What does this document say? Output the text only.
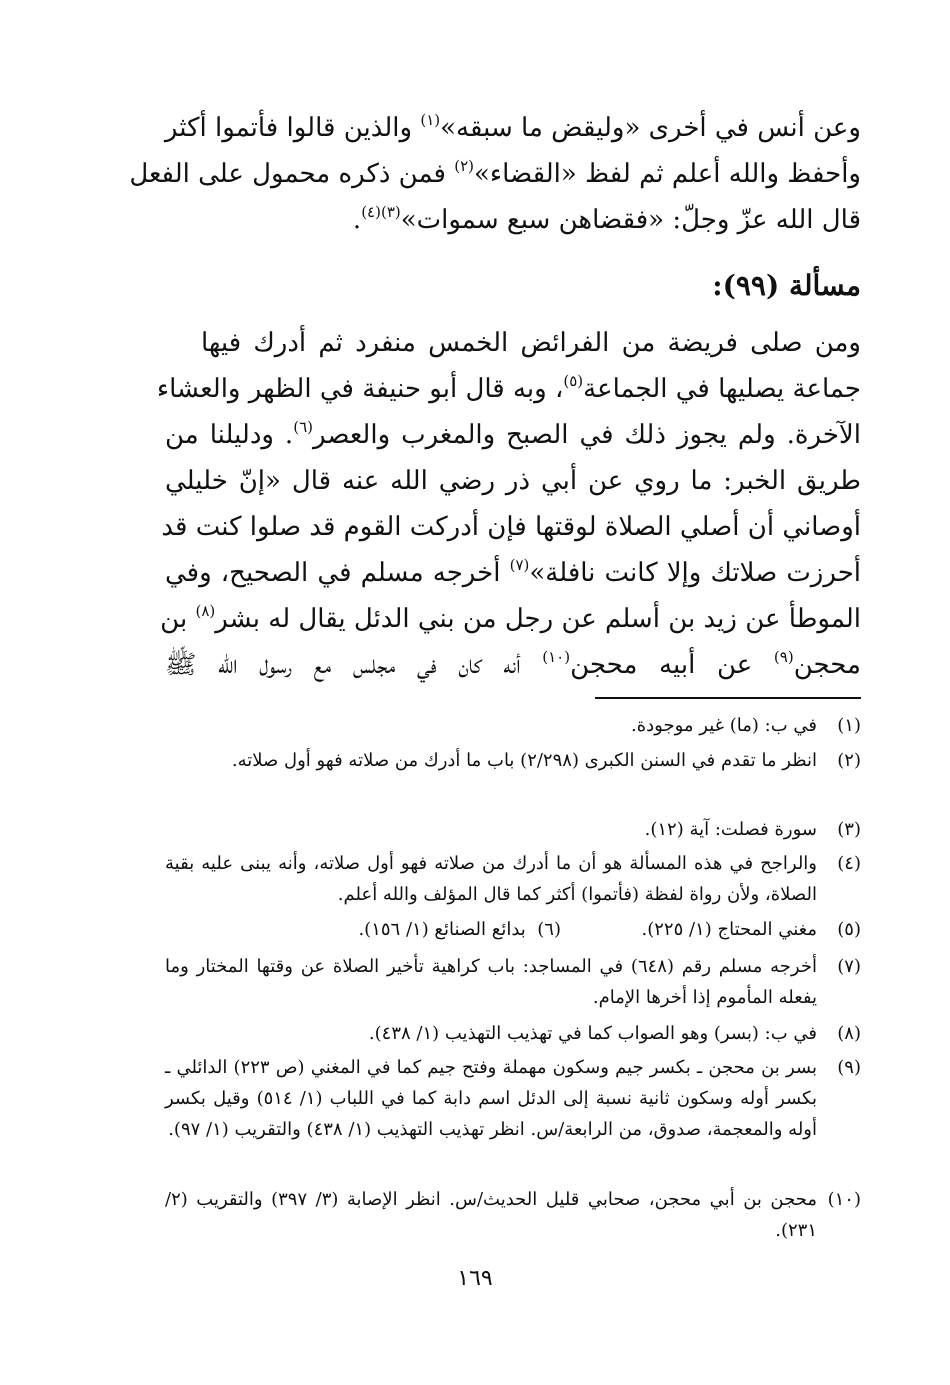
وعن أنس في أخرى «وليقض ما سبقه»$^{(١)}$ والذين قالوا فأتموا أكثر
وأحفظ والله أعلم ثم لفظ «القضاء»$^{(٢)}$ فمن ذكره محمول على الفعل
قال الله عزّ وجلّ: «فقضاهن سبع سموات»$^{(٣)(٤)}$.
مسألة (٩٩):
ومن صلى فريضة من الفرائض الخمس منفرد ثم أدرك فيها
جماعة يصليها في الجماعة$^{(٥)}$، وبه قال أبو حنيفة في الظهر والعشاء
الآخرة. ولم يجوز ذلك في الصبح والمغرب والعصر$^{(٦)}$. ودليلنا من
طريق الخبر: ما روي عن أبي ذر رضي الله عنه قال «إنّ خليلي
أوصاني أن أصلي الصلاة لوقتها فإن أدركت القوم قد صلوا كنت قد
أحرزت صلاتك وإلا كانت نافلة»$^{(٧)}$ أخرجه مسلم في الصحيح، وفي
الموطأ عن زيد بن أسلم عن رجل من بني الدئل يقال له بشر$^{(٨)}$ بن
محجن$^{(٩)}$ عن أبيه محجن$^{(١٠)}$ أنه كان في مجلس مع رسول الله ﷺ
(١)
في ب: (ما) غير موجودة.
(٢)
انظر ما تقدم في السنن الكبرى (٢/٢٩٨) باب ما أدرك من صلاته فهو أول صلاته.
(٣)
سورة فصلت: آية (١٢).
(٤)
والراجح في هذه المسألة هو أن ما أدرك من صلاته فهو أول صلاته، وأنه يبنى عليه بقية الصلاة، ولأن رواة لفظة (فأتموا) أكثر كما قال المؤلف والله أعلم.
(٥)
مغني المحتاج (١/ ٢٢٥).
(٦)  بدائع الصنائع (١/ ١٥٦).
(٧)
أخرجه مسلم رقم (٦٤٨) في المساجد: باب كراهية تأخير الصلاة عن وقتها المختار وما يفعله المأموم إذا أخرها الإمام.
(٨)
في ب: (بسر) وهو الصواب كما في تهذيب التهذيب (١/ ٤٣٨).
(٩)
بسر بن محجن ـ بكسر جيم وسكون مهملة وفتح جيم كما في المغني (ص ٢٢٣) الدائلي ـ بكسر أوله وسكون ثانية نسبة إلى الدئل اسم دابة كما في اللباب (١/ ٥١٤) وقيل بكسر أوله والمعجمة، صدوق، من الرابعة/س. انظر تهذيب التهذيب (١/ ٤٣٨) والتقريب (١/ ٩٧).
(١٠)
محجن بن أبي محجن، صحابي قليل الحديث/س. انظر الإصابة (٣/ ٣٩٧) والتقريب (٢/ ٢٣١).
١٦٩
